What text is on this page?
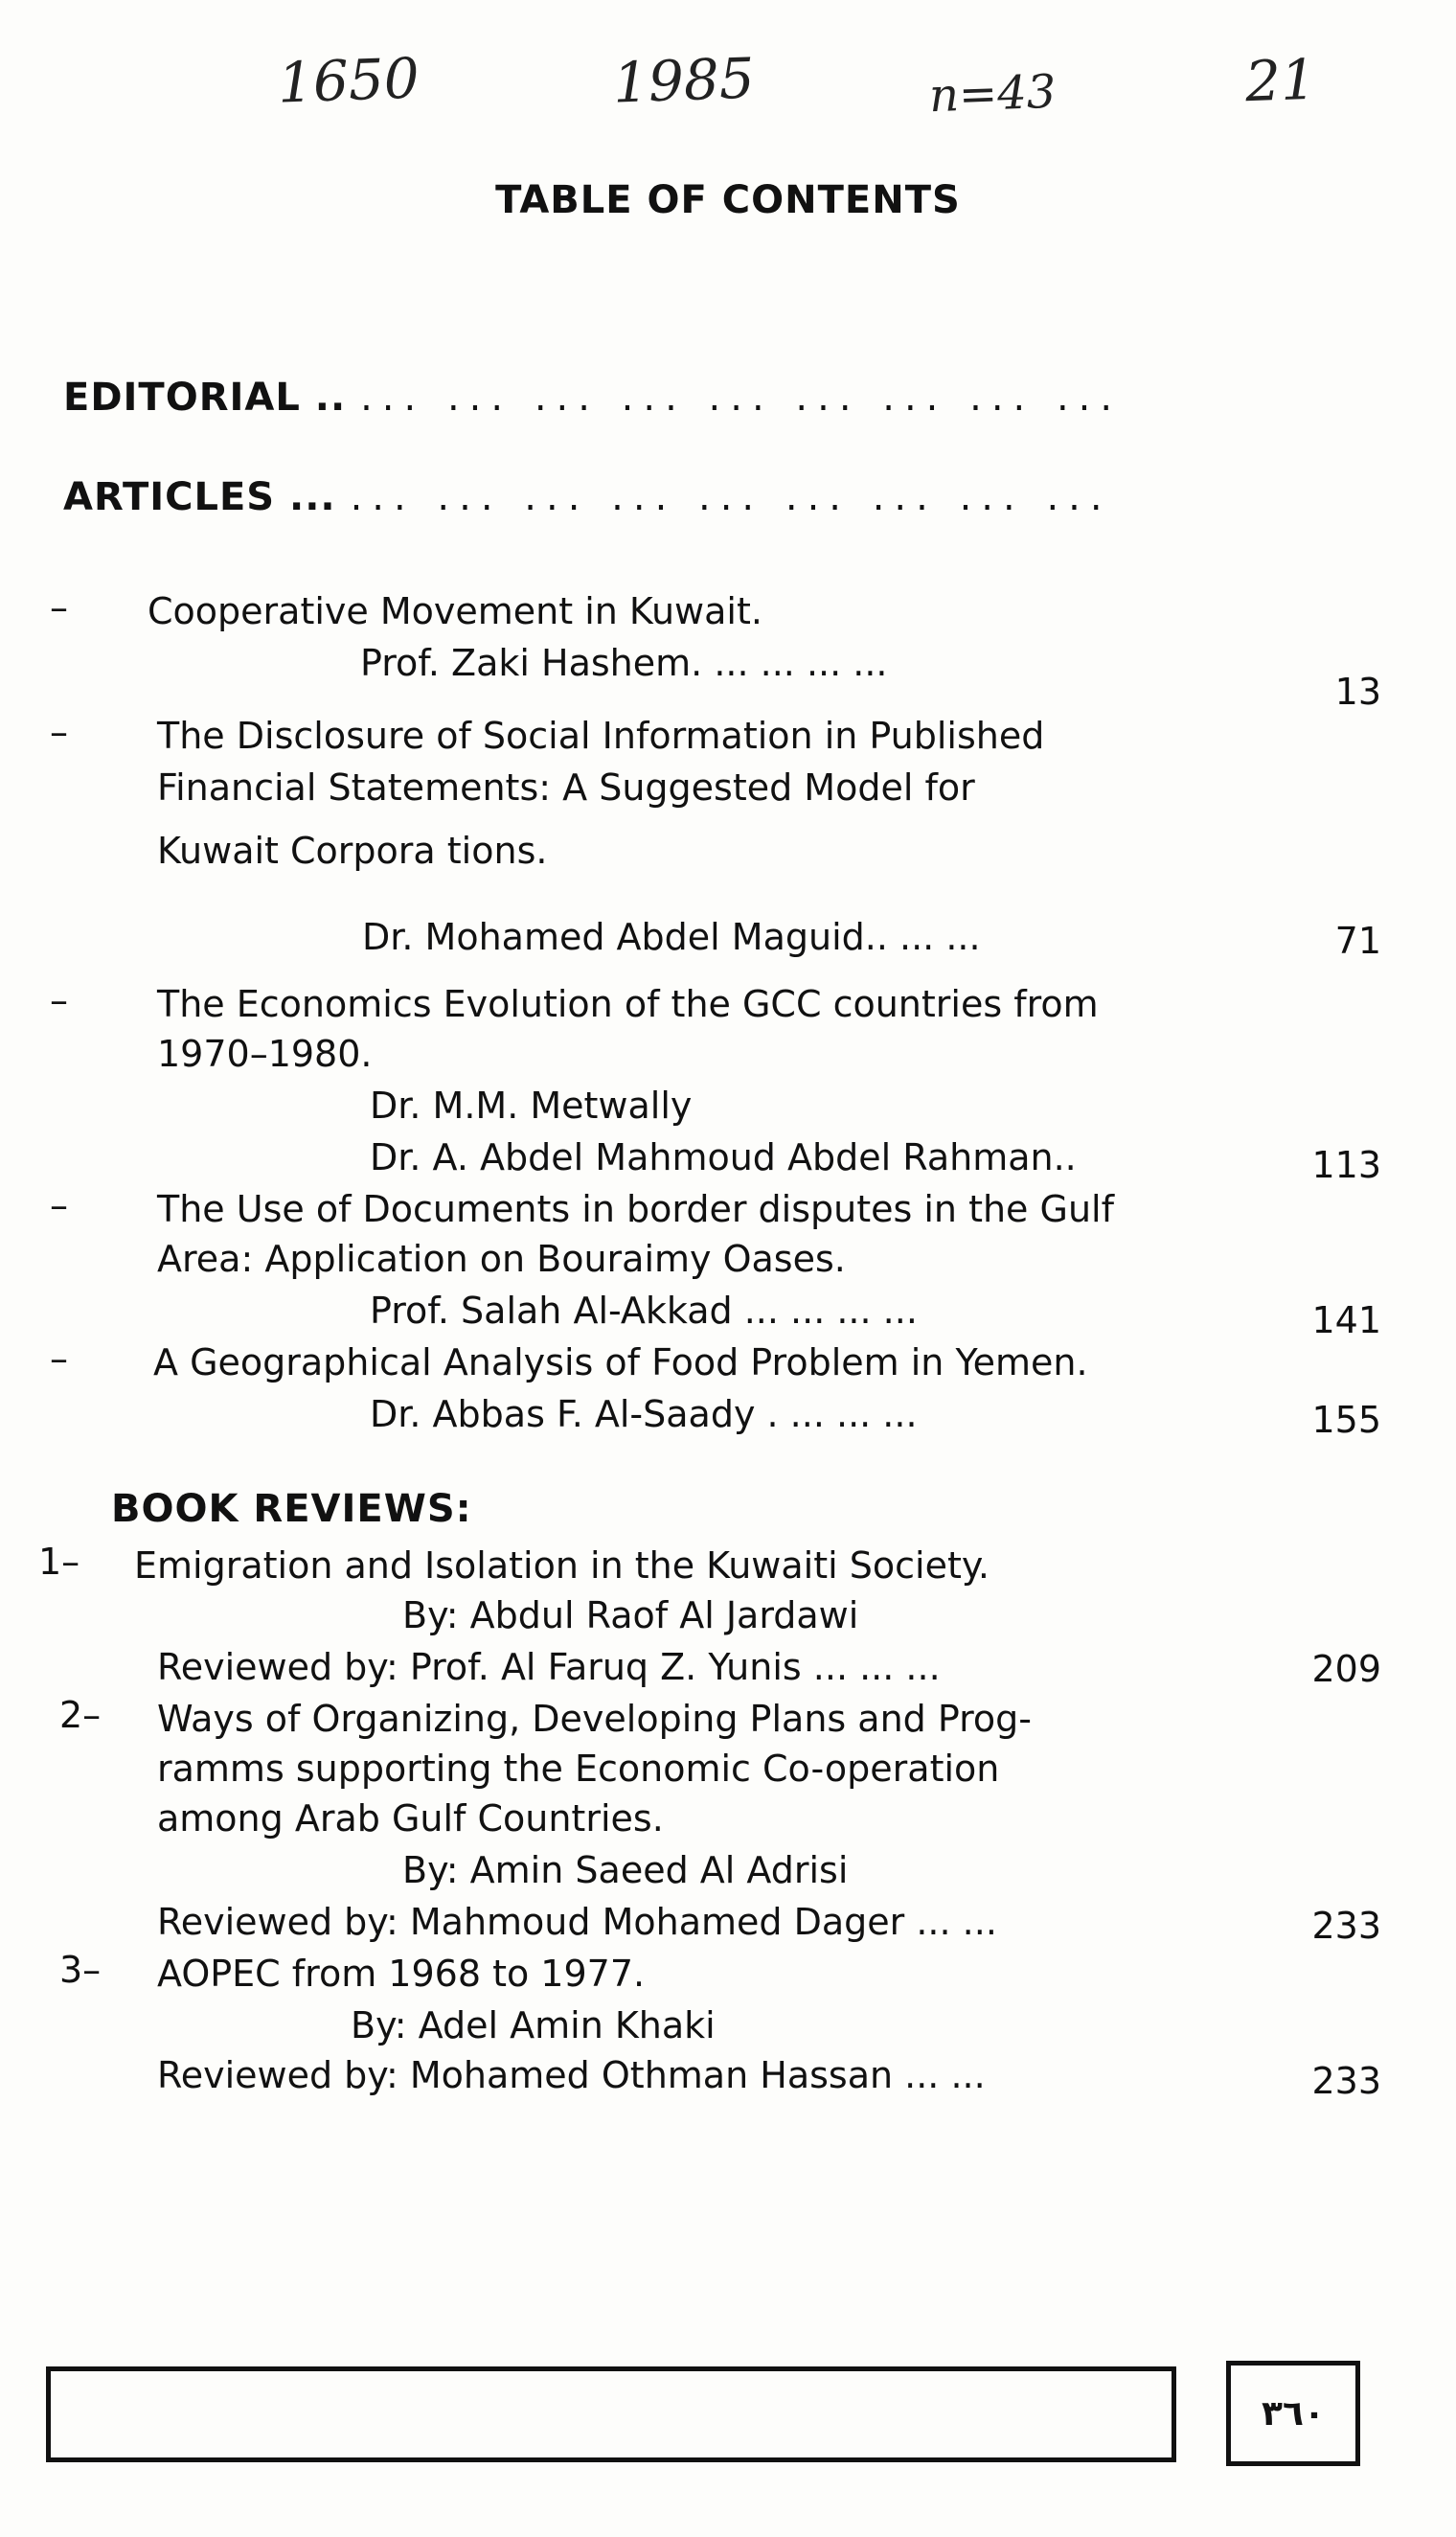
1650	1985	n=43	21
TABLE OF CONTENTS
EDITORIAL .. ... ... ... ... ... ... ... ... ...
ARTICLES ... ... ... ... ... ... ... ... ... ...
– Cooperative Movement in Kuwait.
Prof. Zaki Hashem. ... ... ... ...
13
– The Disclosure of Social Information in Published
Financial Statements: A Suggested Model for
Kuwait Corpora tions.
Dr. Mohamed Abdel Maguid.. ... ...	71
– The Economics Evolution of the GCC countries from
1970–1980.
Dr. M.M. Metwally
Dr. A. Abdel Mahmoud Abdel Rahman..	113
– The Use of Documents in border disputes in the Gulf
Area: Application on Bouraimy Oases.
Prof. Salah Al-Akkad ... ... ... ...	141
– A Geographical Analysis of Food Problem in Yemen.
Dr. Abbas F. Al-Saady . ... ... ...	155
BOOK REVIEWS:
1– Emigration and Isolation in the Kuwaiti Society.
By: Abdul Raof Al Jardawi
Reviewed by: Prof. Al Faruq Z. Yunis ... ... ...	209
2– Ways of Organizing, Developing Plans and Prog-
ramms supporting the Economic Co-operation
among Arab Gulf Countries.
By: Amin Saeed Al Adrisi
Reviewed by: Mahmoud Mohamed Dager ... ...	233
3– AOPEC from 1968 to 1977.
By: Adel Amin Khaki
Reviewed by: Mohamed Othman Hassan ... ...	233
٣٦٠
